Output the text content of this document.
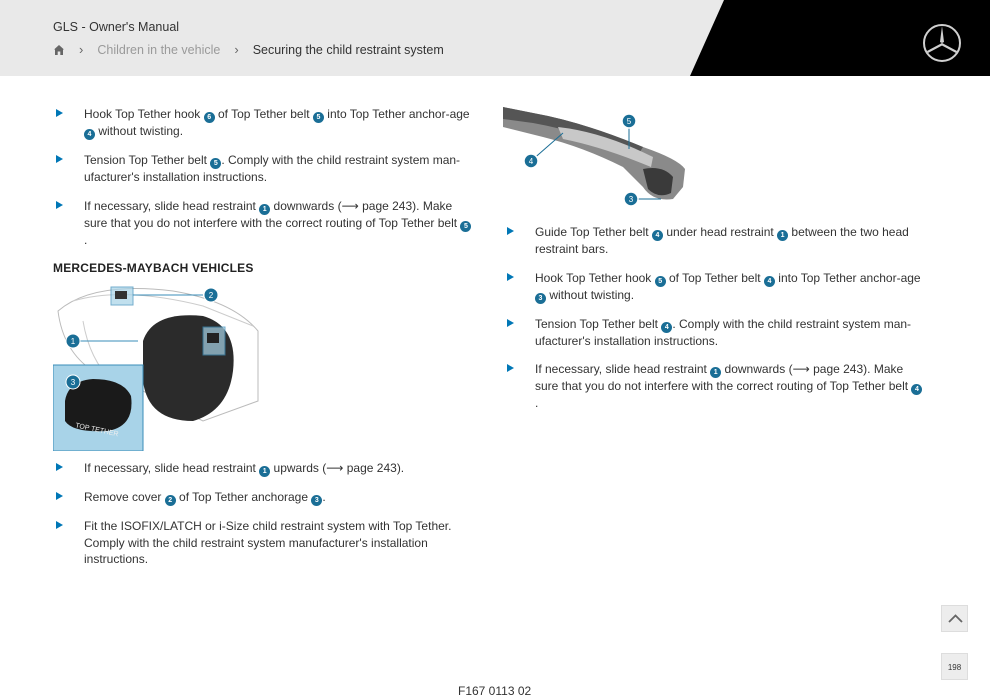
GLS - Owner's Manual
› Children in the vehicle › Securing the child restraint system
Hook Top Tether hook 6 of Top Tether belt 5 into Top Tether anchor-age 4 without twisting.
Tension Top Tether belt 5 . Comply with the child restraint system man-ufacturer's installation instructions.
If necessary, slide head restraint 1 downwards (⟶ page 243). Make sure that you do not interfere with the correct routing of Top Tether belt 5.
MERCEDES-MAYBACH VEHICLES
TOP TETHER
1
2
3
If necessary, slide head restraint 1 upwards (⟶ page 243).
Remove cover 2 of Top Tether anchorage 3 .
Fit the ISOFIX/LATCH or i-Size child restraint system with Top Tether. Comply with the child restraint system manufacturer's installation instructions.
5
4
3
Guide Top Tether belt 4 under head restraint 1 between the two head restraint bars.
Hook Top Tether hook 5 of Top Tether belt 4 into Top Tether anchor-age 3 without twisting.
Tension Top Tether belt 4 . Comply with the child restraint system man-ufacturer's installation instructions.
If necessary, slide head restraint 1 downwards (⟶ page 243). Make sure that you do not interfere with the correct routing of Top Tether belt 4.
F167 0113 02
198
